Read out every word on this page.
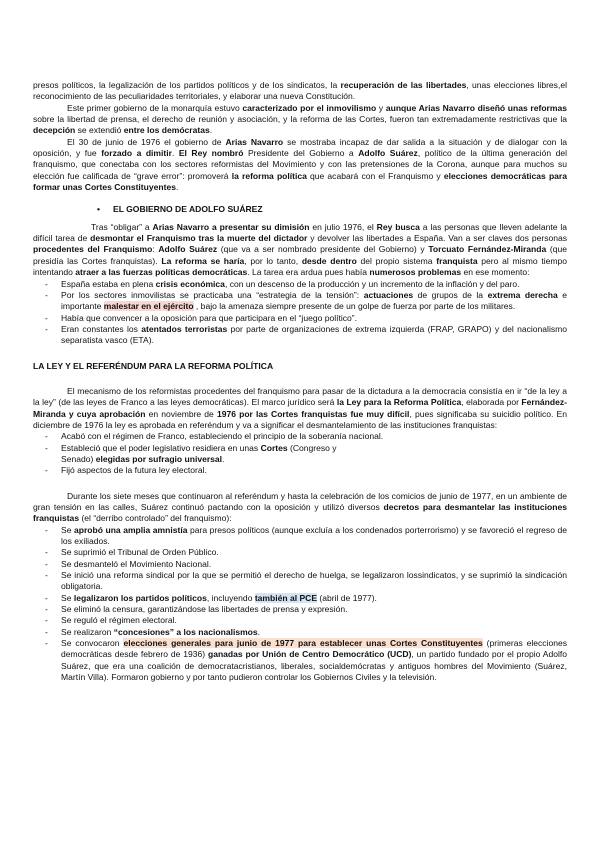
presos políticos, la legalización de los partidos políticos y de los sindicatos, la recuperación de las libertades, unas elecciones libres,el reconocimiento de las peculiaridades territoriales, y elaborar una nueva Constitución.

Este primer gobierno de la monarquía estuvo caracterizado por el inmovilismo y aunque Arias Navarro diseñó unas reformas sobre la libertad de prensa, el derecho de reunión y asociación, y la reforma de las Cortes, fueron tan extremadamente restrictivas que la decepción se extendió entre los demócratas.

El 30 de junio de 1976 el gobierno de Arias Navarro se mostraba incapaz de dar salida a la situación y de dialogar con la oposición, y fue forzado a dimitir. El Rey nombró Presidente del Gobierno a Adolfo Suárez, político de la última generación del franquismo, que conectaba con los sectores reformistas del Movimiento y con las pretensiones de la Corona, aunque para muchos su elección fue calificada de “grave error”: promoverá la reforma política que acabará con el Franquismo y elecciones democráticas para formar unas Cortes Constituyentes.

• EL GOBIERNO DE ADOLFO SUÁREZ

Tras “obligar” a Arias Navarro a presentar su dimisión en julio 1976, el Rey busca a las personas que lleven adelante la difícil tarea de desmontar el Franquismo tras la muerte del dictador y devolver las libertades a España. Van a ser claves dos personas procedentes del Franquismo: Adolfo Suárez (que va a ser nombrado presidente del Gobierno) y Torcuato Fernández-Miranda (que presidía las Cortes franquistas). La reforma se haría, por lo tanto, desde dentro del propio sistema franquista pero al mismo tiempo intentando atraer a las fuerzas políticas democráticas. La tarea era ardua pues había numerosos problemas en ese momento:

- España estaba en plena crisis económica, con un descenso de la producción y un incremento de la inflación y del paro.
- Por los sectores inmovilistas se practicaba una “estrategia de la tensión”: actuaciones de grupos de la extrema derecha e importante malestar en el ejército , bajo la amenaza siempre presente de un golpe de fuerza por parte de los militares.
- Había que convencer a la oposición para que participara en el “juego político”.
- Eran constantes los atentados terroristas por parte de organizaciones de extrema izquierda (FRAP, GRAPO) y del nacionalismo separatista vasco (ETA).

LA LEY Y EL REFERÉNDUM PARA LA REFORMA POLÍTICA

El mecanismo de los reformistas procedentes del franquismo para pasar de la dictadura a la democracia consistía en ir “de la ley a la ley” (de las leyes de Franco a las leyes democráticas). El marco jurídico será la Ley para la Reforma Política, elaborada por Fernández-Miranda y cuya aprobación en noviembre de 1976 por las Cortes franquistas fue muy difícil, pues significaba su suicidio político. En diciembre de 1976 la ley es aprobada en referéndum y va a significar el desmantelamiento de las instituciones franquistas:

- Acabó con el régimen de Franco, estableciendo el principio de la soberanía nacional.
- Estableció que el poder legislativo residiera en unas Cortes (Congreso y
Senado) elegidas por sufragio universal.
- Fijó aspectos de la futura ley electoral.

Durante los siete meses que continuaron al referéndum y hasta la celebración de los comicios de junio de 1977, en un ambiente de gran tensión en las calles, Suárez continuó pactando con la oposición y utilizó diversos decretos para desmantelar las instituciones franquistas (el “derribo controlado” del franquismo):

- Se aprobó una amplia amnistía para presos políticos (aunque excluía a los condenados porterrorismo) y se favoreció el regreso de los exiliados.
- Se suprimió el Tribunal de Orden Público.
- Se desmanteló el Movimiento Nacional.
- Se inició una reforma sindical por la que se permitió el derecho de huelga, se legalizaron lossindicatos, y se suprimió la sindicación obligatoria.
- Se legalizaron los partidos políticos, incluyendo también al PCE (abril de 1977).
- Se eliminó la censura, garantizándose las libertades de prensa y expresión.
- Se reguló el régimen electoral.
- Se realizaron “concesiones” a los nacionalismos.
- Se convocaron elecciones generales para junio de 1977 para establecer unas Cortes Constituyentes (primeras elecciones democráticas desde febrero de 1936) ganadas por Unión de Centro Democrático (UCD), un partido fundado por el propio Adolfo Suárez, que era una coalición de democratacristianos, liberales, socialdemócratas y antiguos hombres del Movimiento (Suárez, Martín Villa). Formaron gobierno y por tanto pudieron controlar los Gobiernos Civiles y la televisión.
